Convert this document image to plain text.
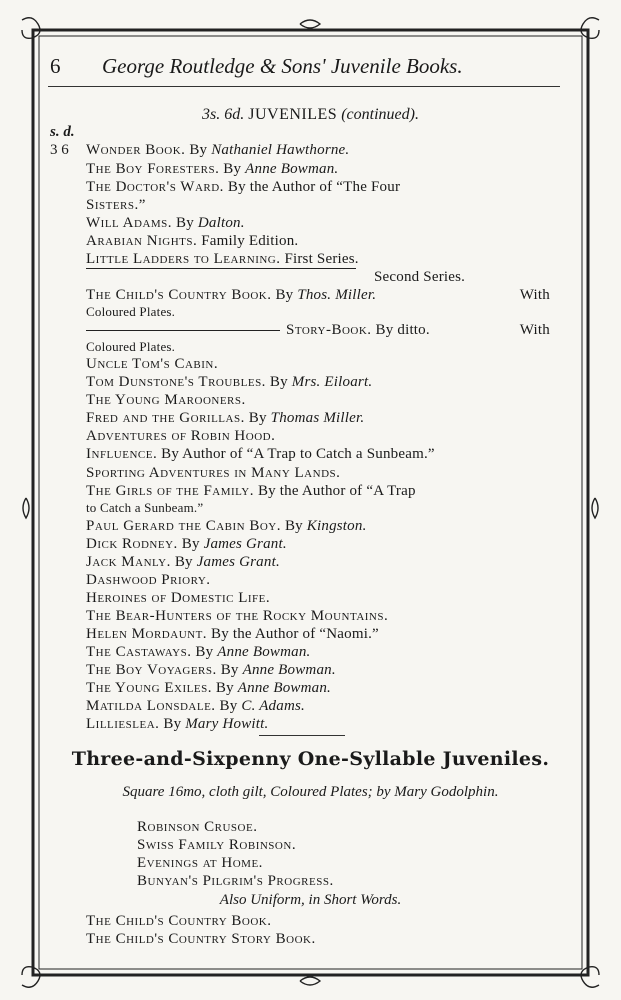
6 George Routledge & Sons' Juvenile Books.
3s. 6d. JUVENILES (continued).
s. d.
3 6 Wonder Book. By Nathaniel Hawthorne.
The Boy Foresters. By Anne Bowman.
The Doctor's Ward. By the Author of “The Four
Sisters.”
Will Adams. By Dalton.
Arabian Nights. Family Edition.
Little Ladders to Learning. First Series.
Second Series.
The Child's Country Book. By Thos. Miller.	With
Coloured Plates.
Story-Book. By ditto.	With
Coloured Plates.
Uncle Tom's Cabin.
Tom Dunstone's Troubles. By Mrs. Eiloart.
The Young Marooners.
Fred and the Gorillas. By Thomas Miller.
Adventures of Robin Hood.
Influence. By Author of “A Trap to Catch a Sunbeam.”
Sporting Adventures in Many Lands.
The Girls of the Family. By the Author of “A Trap
to Catch a Sunbeam.”
Paul Gerard the Cabin Boy. By Kingston.
Dick Rodney. By James Grant.
Jack Manly. By James Grant.
Dashwood Priory.
Heroines of Domestic Life.
The Bear-Hunters of the Rocky Mountains.
Helen Mordaunt. By the Author of “Naomi.”
The Castaways. By Anne Bowman.
The Boy Voyagers. By Anne Bowman.
The Young Exiles. By Anne Bowman.
Matilda Lonsdale. By C. Adams.
Lillieslea. By Mary Howitt.
Three-and-Sixpenny One-Syllable Juveniles.
Square 16mo, cloth gilt, Coloured Plates; by Mary Godolphin.
Robinson Crusoe.
Swiss Family Robinson.
Evenings at Home.
Bunyan's Pilgrim's Progress.
Also Uniform, in Short Words.
The Child's Country Book.
The Child's Country Story Book.
